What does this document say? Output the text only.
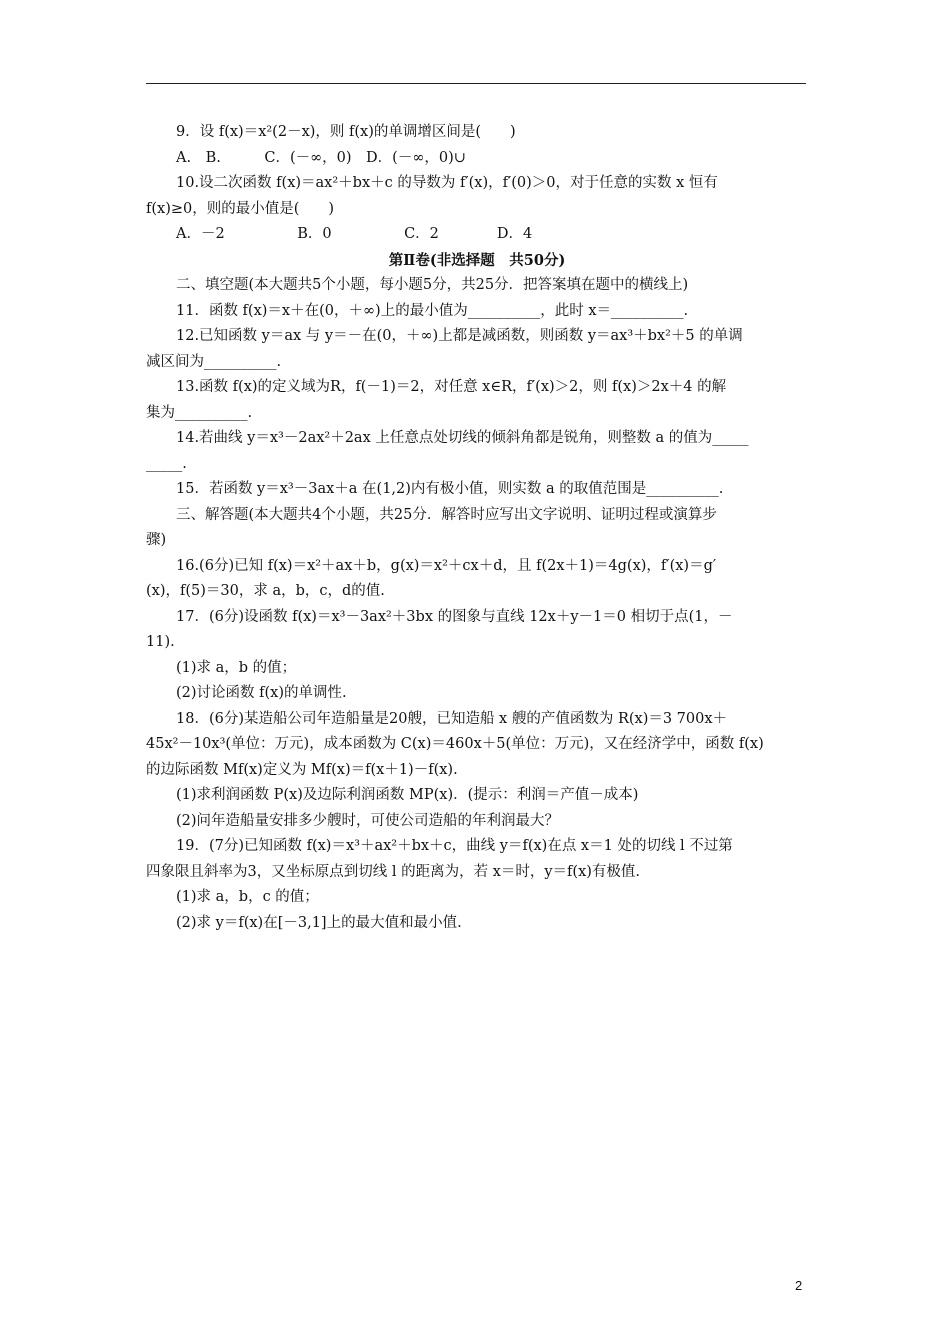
9．设 f(x)＝x²(2－x)，则 f(x)的单调增区间是(　　)
A.　B.　　　C．(－∞，0)　D．(－∞，0)∪
10.设二次函数 f(x)＝ax²＋bx＋c 的导数为 f′(x)，f′(0)＞0，对于任意的实数 x 恒有
f(x)≥0，则的最小值是(　　)
A．－2　　　　　B．0　　　　　C．2　　　　D．4
第Ⅱ卷(非选择题　共50分)
二、填空题(本大题共5个小题，每小题5分，共25分．把答案填在题中的横线上)
11．函数 f(x)＝x＋在(0，＋∞)上的最小值为__________，此时 x＝__________.
12.已知函数 y＝ax 与 y＝－在(0，＋∞)上都是减函数，则函数 y＝ax³＋bx²＋5 的单调
减区间为__________.
13.函数 f(x)的定义域为R，f(－1)＝2，对任意 x∈R，f′(x)＞2，则 f(x)＞2x＋4 的解
集为__________.
14.若曲线 y＝x³－2ax²＋2ax 上任意点处切线的倾斜角都是锐角，则整数 a 的值为_____
_____.
15．若函数 y＝x³－3ax＋a 在(1,2)内有极小值，则实数 a 的取值范围是__________.
三、解答题(本大题共4个小题，共25分．解答时应写出文字说明、证明过程或演算步
骤)
16.(6分)已知 f(x)＝x²＋ax＋b，g(x)＝x²＋cx＋d，且 f(2x＋1)＝4g(x)，f′(x)＝g′
(x)，f(5)＝30，求 a，b，c，d的值.
17．(6分)设函数 f(x)＝x³－3ax²＋3bx 的图象与直线 12x＋y－1＝0 相切于点(1，－
11).
(1)求 a，b 的值；
(2)讨论函数 f(x)的单调性.
18．(6分)某造船公司年造船量是20艘，已知造船 x 艘的产值函数为 R(x)＝3 700x＋
45x²－10x³(单位：万元)，成本函数为 C(x)＝460x＋5(单位：万元)，又在经济学中，函数 f(x)
的边际函数 Mf(x)定义为 Mf(x)＝f(x＋1)－f(x).
(1)求利润函数 P(x)及边际利润函数 MP(x)．(提示：利润＝产值－成本)
(2)问年造船量安排多少艘时，可使公司造船的年利润最大？
19．(7分)已知函数 f(x)＝x³＋ax²＋bx＋c，曲线 y＝f(x)在点 x＝1 处的切线 l 不过第
四象限且斜率为3，又坐标原点到切线 l 的距离为，若 x＝时，y＝f(x)有极值.
(1)求 a，b，c 的值；
(2)求 y＝f(x)在[－3,1]上的最大值和最小值.
2
